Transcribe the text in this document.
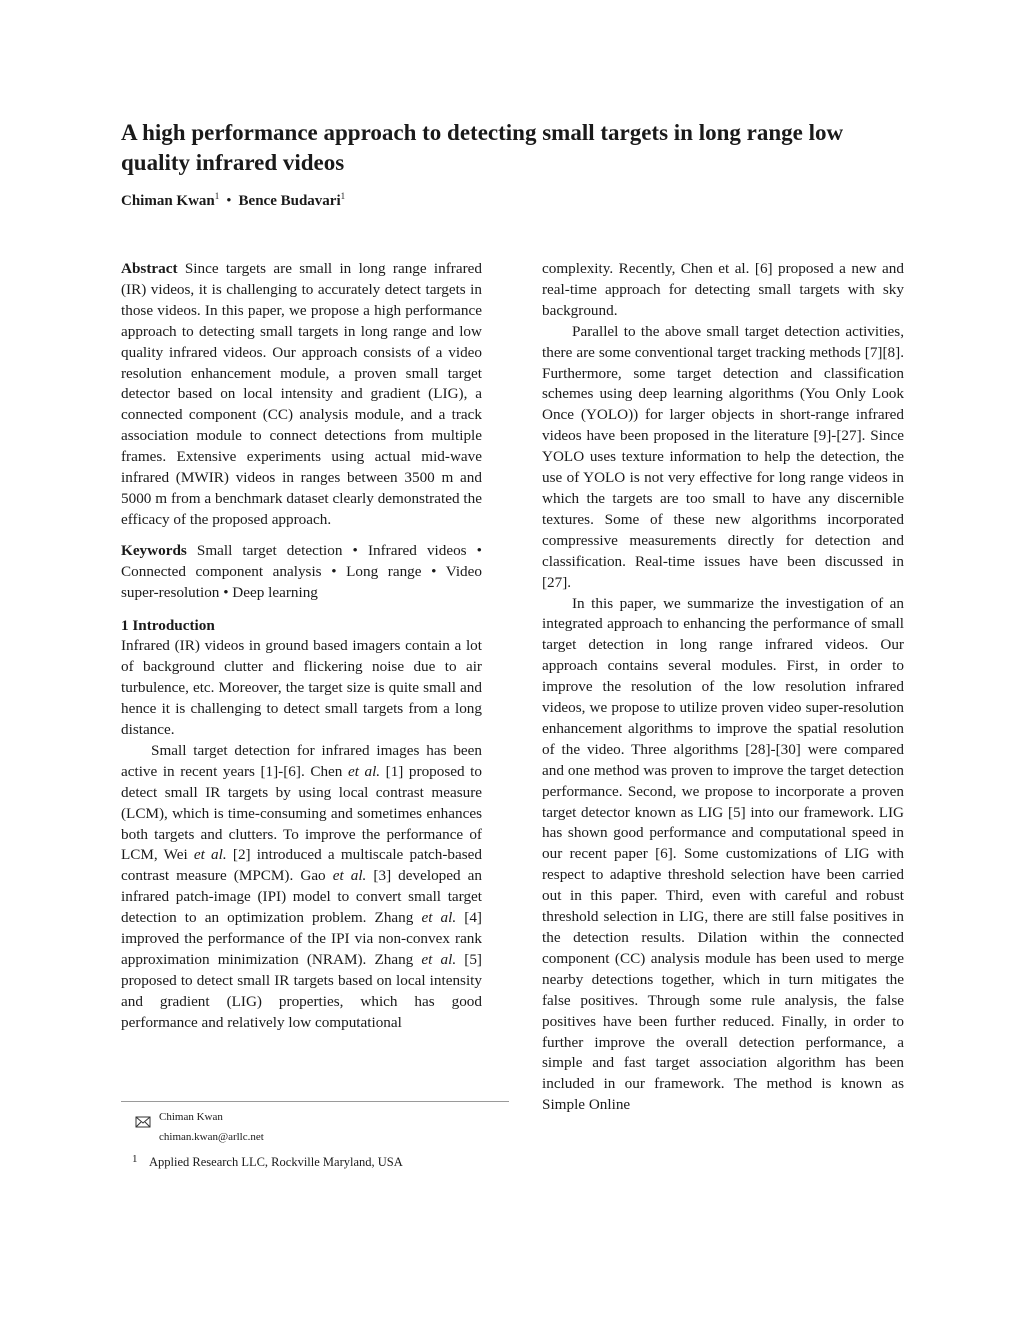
A high performance approach to detecting small targets in long range low quality infrared videos
Chiman Kwan$^1$ • Bence Budavari$^1$

Abstract Since targets are small in long range infrared (IR) videos, it is challenging to accurately detect targets in those videos. In this paper, we propose a high performance approach to detecting small targets in long range and low quality infrared videos. Our approach consists of a video resolution enhancement module, a proven small target detector based on local intensity and gradient (LIG), a connected component (CC) analysis module, and a track association module to connect detections from multiple frames. Extensive experiments using actual mid-wave infrared (MWIR) videos in ranges between 3500 m and 5000 m from a benchmark dataset clearly demonstrated the efficacy of the proposed approach.

Keywords Small target detection • Infrared videos • Connected component analysis • Long range • Video super-resolution • Deep learning

1 Introduction

Infrared (IR) videos in ground based imagers contain a lot of background clutter and flickering noise due to air turbulence, etc. Moreover, the target size is quite small and hence it is challenging to detect small targets from a long distance.

Small target detection for infrared images has been active in recent years [1]-[6]. Chen et al. [1] proposed to detect small IR targets by using local contrast measure (LCM), which is time-consuming and sometimes enhances both targets and clutters. To improve the performance of LCM, Wei et al. [2] introduced a multiscale patch-based contrast measure (MPCM). Gao et al. [3] developed an infrared patch-image (IPI) model to convert small target detection to an optimization problem. Zhang et al. [4] improved the performance of the IPI via non-convex rank approximation minimization (NRAM). Zhang et al. [5] proposed to detect small IR targets based on local intensity and gradient (LIG) properties, which has good performance and relatively low computational

complexity. Recently, Chen et al. [6] proposed a new and real-time approach for detecting small targets with sky background.

Parallel to the above small target detection activities, there are some conventional target tracking methods [7][8]. Furthermore, some target detection and classification schemes using deep learning algorithms (You Only Look Once (YOLO)) for larger objects in short-range infrared videos have been proposed in the literature [9]-[27]. Since YOLO uses texture information to help the detection, the use of YOLO is not very effective for long range videos in which the targets are too small to have any discernible textures. Some of these new algorithms incorporated compressive measurements directly for detection and classification. Real-time issues have been discussed in [27].

In this paper, we summarize the investigation of an integrated approach to enhancing the performance of small target detection in long range infrared videos. Our approach contains several modules. First, in order to improve the resolution of the low resolution infrared videos, we propose to utilize proven video super-resolution enhancement algorithms to improve the spatial resolution of the video. Three algorithms [28]-[30] were compared and one method was proven to improve the target detection performance. Second, we propose to incorporate a proven target detector known as LIG [5] into our framework. LIG has shown good performance and computational speed in our recent paper [6]. Some customizations of LIG with respect to adaptive threshold selection have been carried out in this paper. Third, even with careful and robust threshold selection in LIG, there are still false positives in the detection results. Dilation within the connected component (CC) analysis module has been used to merge nearby detections together, which in turn mitigates the false positives. Through some rule analysis, the false positives have been further reduced. Finally, in order to further improve the overall detection performance, a simple and fast target association algorithm has been included in our framework. The method is known as Simple Online

Chiman Kwan
chiman.kwan@arllc.net
1 Applied Research LLC, Rockville Maryland, USA
